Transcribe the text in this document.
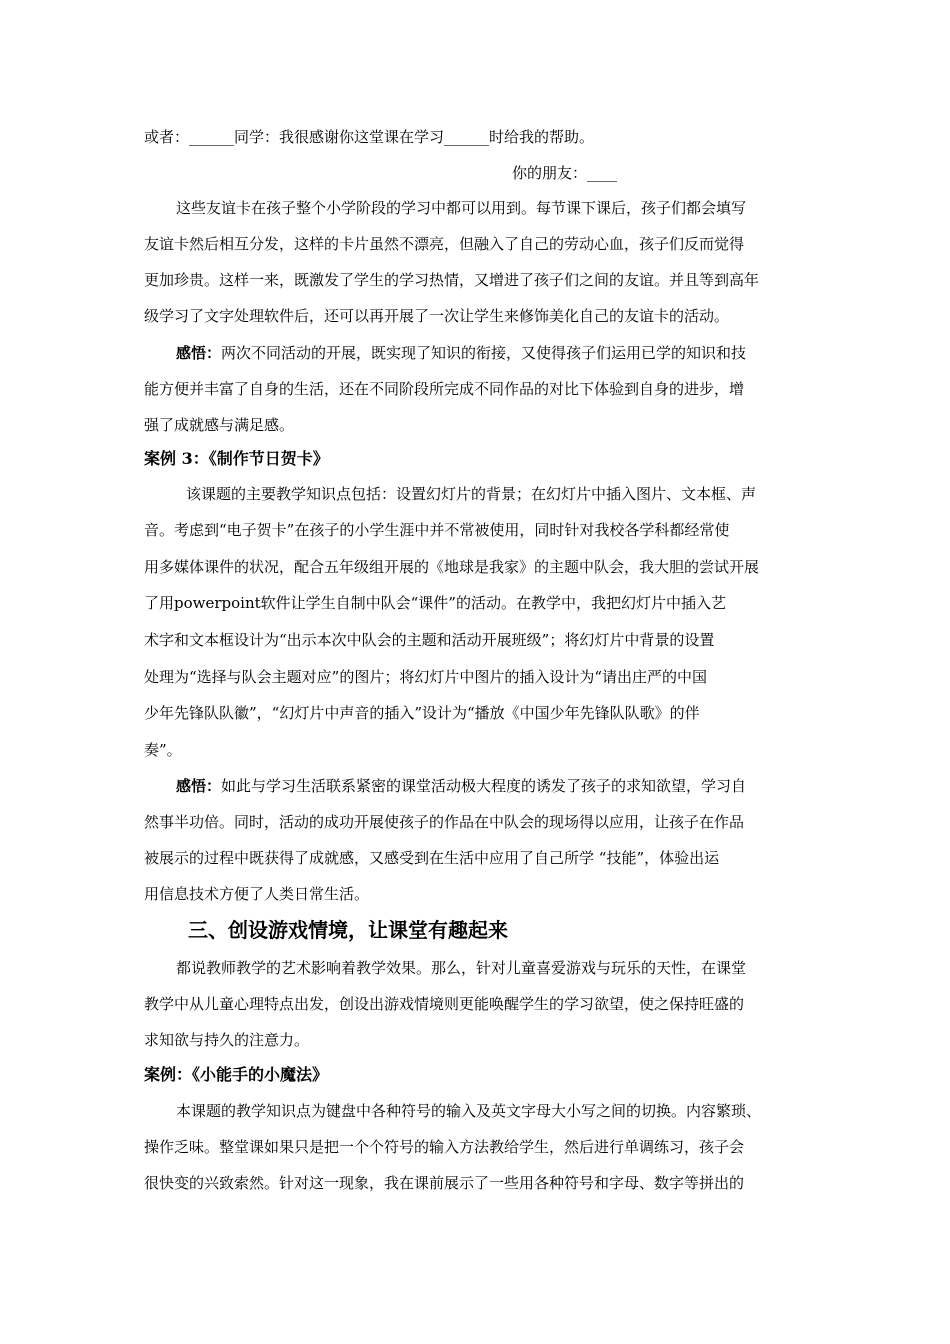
或者：______同学：我很感谢你这堂课在学习______时给我的帮助。
你的朋友：____
这些友谊卡在孩子整个小学阶段的学习中都可以用到。每节课下课后，孩子们都会填写
友谊卡然后相互分发，这样的卡片虽然不漂亮，但融入了自己的劳动心血，孩子们反而觉得
更加珍贵。这样一来，既激发了学生的学习热情，又增进了孩子们之间的友谊。并且等到高年
级学习了文字处理软件后，还可以再开展了一次让学生来修饰美化自己的友谊卡的活动。
感悟：两次不同活动的开展，既实现了知识的衔接，又使得孩子们运用已学的知识和技
能方便并丰富了自身的生活，还在不同阶段所完成不同作品的对比下体验到自身的进步，增
强了成就感与满足感。
案例 3：《制作节日贺卡》
该课题的主要教学知识点包括：设置幻灯片的背景；在幻灯片中插入图片、文本框、声
音。考虑到“电子贺卡”在孩子的小学生涯中并不常被使用，同时针对我校各学科都经常使
用多媒体课件的状况，配合五年级组开展的《地球是我家》的主题中队会，我大胆的尝试开展
了用powerpoint软件让学生自制中队会“课件”的活动。在教学中，我把幻灯片中插入艺
术字和文本框设计为“出示本次中队会的主题和活动开展班级”；将幻灯片中背景的设置
处理为“选择与队会主题对应”的图片；将幻灯片中图片的插入设计为“请出庄严的中国
少年先锋队队徽”，“幻灯片中声音的插入”设计为“播放《中国少年先锋队队歌》的伴
奏”。
感悟：如此与学习生活联系紧密的课堂活动极大程度的诱发了孩子的求知欲望，学习自
然事半功倍。同时，活动的成功开展使孩子的作品在中队会的现场得以应用，让孩子在作品
被展示的过程中既获得了成就感，又感受到在生活中应用了自己所学 “技能”，体验出运
用信息技术方便了人类日常生活。
三、创设游戏情境，让课堂有趣起来
都说教师教学的艺术影响着教学效果。那么，针对儿童喜爱游戏与玩乐的天性，在课堂
教学中从儿童心理特点出发，创设出游戏情境则更能唤醒学生的学习欲望，使之保持旺盛的
求知欲与持久的注意力。
案例：《小能手的小魔法》
本课题的教学知识点为键盘中各种符号的输入及英文字母大小写之间的切换。内容繁琐、
操作乏味。整堂课如果只是把一个个符号的输入方法教给学生，然后进行单调练习，孩子会
很快变的兴致索然。针对这一现象，我在课前展示了一些用各种符号和字母、数字等拼出的
